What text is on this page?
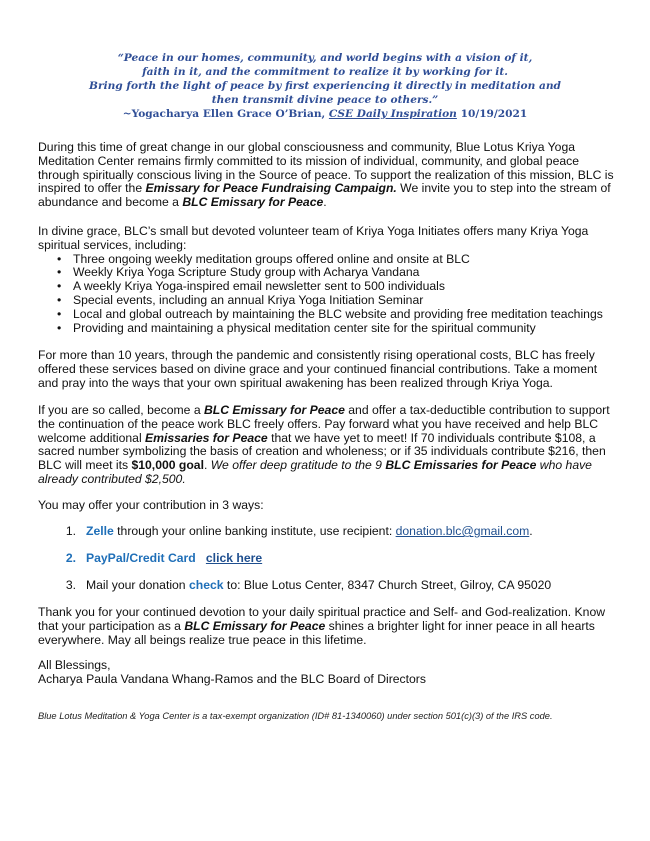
“Peace in our homes, community, and world begins with a vision of it,
faith in it, and the commitment to realize it by working for it.
Bring forth the light of peace by first experiencing it directly in meditation and
then transmit divine peace to others.”
~Yogacharya Ellen Grace O’Brian, CSE Daily Inspiration 10/19/2021
During this time of great change in our global consciousness and community, Blue Lotus Kriya Yoga Meditation Center remains firmly committed to its mission of individual, community, and global peace through spiritually conscious living in the Source of peace. To support the realization of this mission, BLC is inspired to offer the Emissary for Peace Fundraising Campaign. We invite you to step into the stream of abundance and become a BLC Emissary for Peace.
In divine grace, BLC’s small but devoted volunteer team of Kriya Yoga Initiates offers many Kriya Yoga spiritual services, including:
• Three ongoing weekly meditation groups offered online and onsite at BLC
• Weekly Kriya Yoga Scripture Study group with Acharya Vandana
• A weekly Kriya Yoga-inspired email newsletter sent to 500 individuals
• Special events, including an annual Kriya Yoga Initiation Seminar
• Local and global outreach by maintaining the BLC website and providing free meditation teachings
• Providing and maintaining a physical meditation center site for the spiritual community
For more than 10 years, through the pandemic and consistently rising operational costs, BLC has freely offered these services based on divine grace and your continued financial contributions. Take a moment and pray into the ways that your own spiritual awakening has been realized through Kriya Yoga.
If you are so called, become a BLC Emissary for Peace and offer a tax-deductible contribution to support the continuation of the peace work BLC freely offers. Pay forward what you have received and help BLC welcome additional Emissaries for Peace that we have yet to meet! If 70 individuals contribute $108, a sacred number symbolizing the basis of creation and wholeness; or if 35 individuals contribute $216, then BLC will meet its $10,000 goal. We offer deep gratitude to the 9 BLC Emissaries for Peace who have already contributed $2,500.
You may offer your contribution in 3 ways:
1. Zelle through your online banking institute, use recipient: donation.blc@gmail.com.
2. PayPal/Credit Card click here
3. Mail your donation check to: Blue Lotus Center, 8347 Church Street, Gilroy, CA 95020
Thank you for your continued devotion to your daily spiritual practice and Self- and God-realization. Know that your participation as a BLC Emissary for Peace shines a brighter light for inner peace in all hearts everywhere. May all beings realize true peace in this lifetime.
All Blessings,
Acharya Paula Vandana Whang-Ramos and the BLC Board of Directors
Blue Lotus Meditation & Yoga Center is a tax-exempt organization (ID# 81-1340060) under section 501(c)(3) of the IRS code.
